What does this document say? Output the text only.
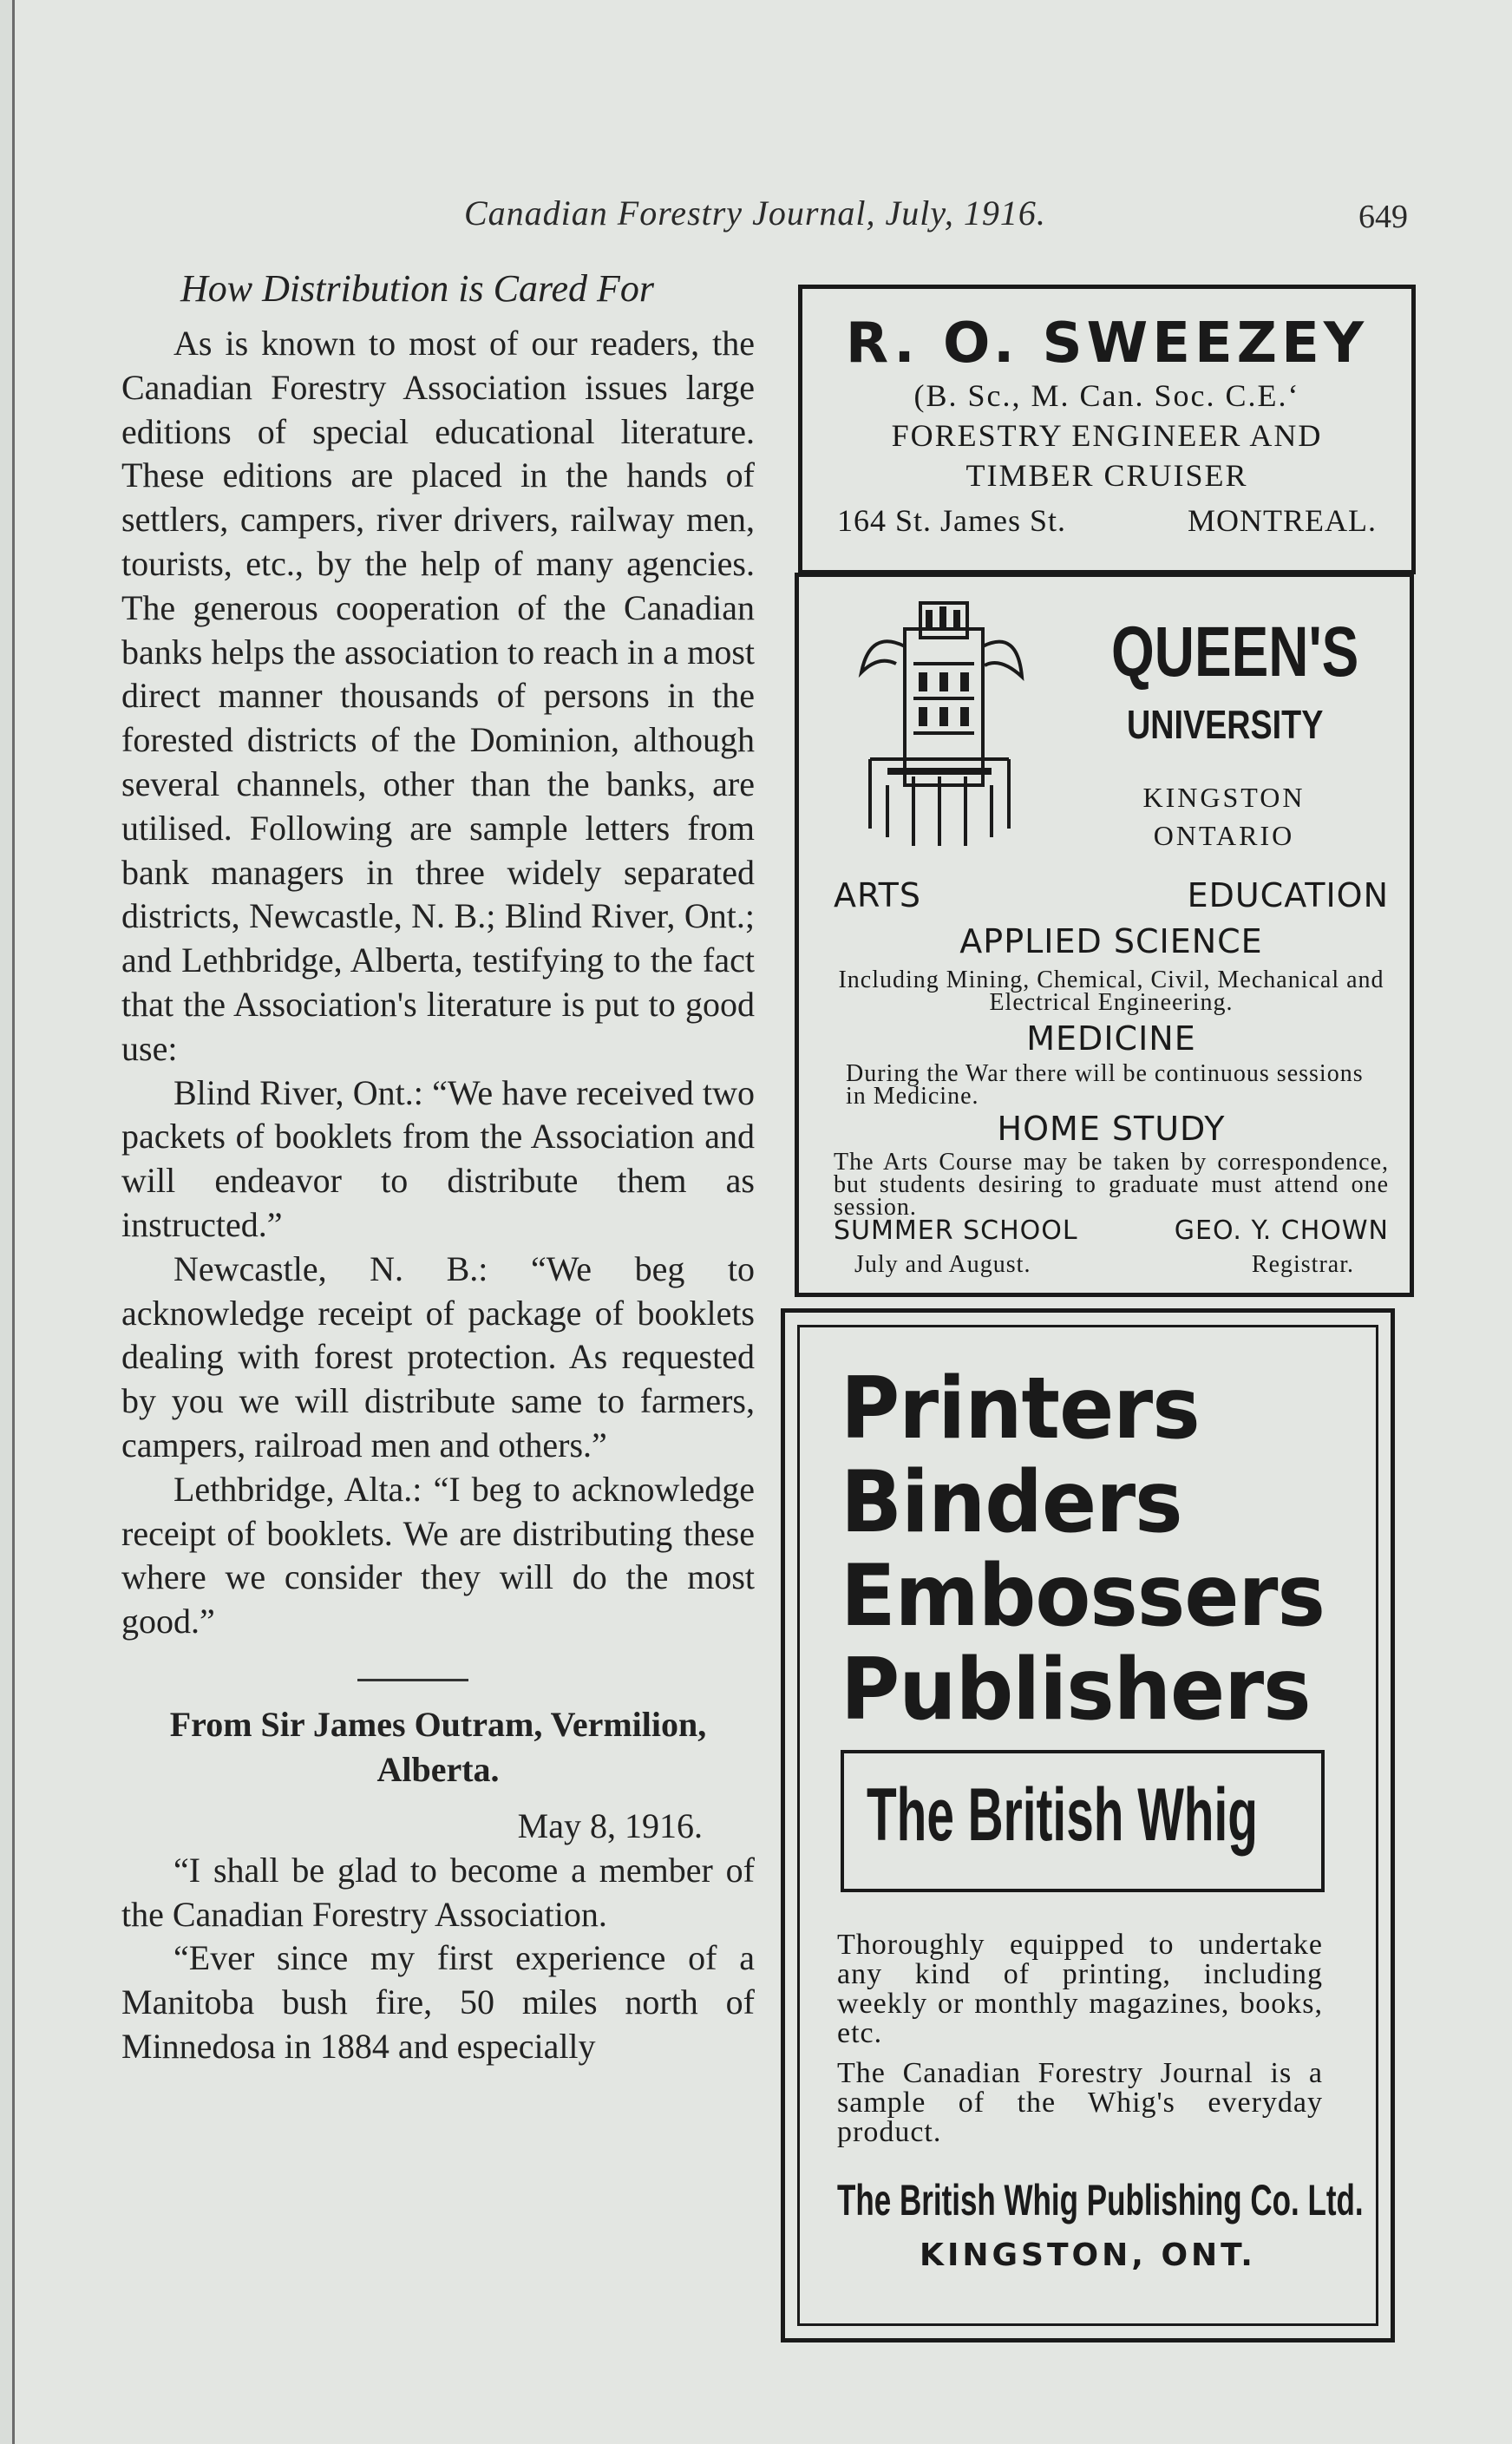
Canadian Forestry Journal, July, 1916.	649
How Distribution is Cared For

As is known to most of our readers, the Canadian Forestry Association issues large editions of special educational literature. These editions are placed in the hands of settlers, campers, river drivers, railway men, tourists, etc., by the help of many agencies. The generous cooperation of the Canadian banks helps the association to reach in a most direct manner thousands of persons in the forested districts of the Dominion, although several channels, other than the banks, are utilised. Following are sample letters from bank managers in three widely separated districts, Newcastle, N. B.; Blind River, Ont.; and Lethbridge, Alberta, testifying to the fact that the Association's literature is put to good use:

Blind River, Ont.: “We have received two packets of booklets from the Association and will endeavor to distribute them as instructed.”

Newcastle, N. B.: “We beg to acknowledge receipt of package of booklets dealing with forest protection. As requested by you we will distribute same to farmers, campers, railroad men and others.”

Lethbridge, Alta.: “I beg to acknowledge receipt of booklets. We are distributing these where we consider they will do the most good.”

From Sir James Outram, Vermilion, Alberta.

May 8, 1916.

“I shall be glad to become a member of the Canadian Forestry Association.

“Ever since my first experience of a Manitoba bush fire, 50 miles north of Minnedosa in 1884 and especially

R. O. SWEEZEY
(B. Sc., M. Can. Soc. C.E.‘
FORESTRY ENGINEER AND
TIMBER CRUISER
164 St. James St.	MONTREAL.
QUEEN'S
UNIVERSITY
KINGSTON
ONTARIO
ARTS	EDUCATION
APPLIED SCIENCE
Including Mining, Chemical, Civil, Mechanical and Electrical Engineering.
MEDICINE
During the War there will be continuous sessions in Medicine.
HOME STUDY
The Arts Course may be taken by correspondence, but students desiring to graduate must attend one session.
SUMMER SCHOOL	GEO. Y. CHOWN
July and August.	Registrar.
Printers
Binders
Embossers
Publishers
The British Whig
Thoroughly equipped to undertake any kind of printing, including weekly or monthly magazines, books, etc.
The Canadian Forestry Journal is a sample of the Whig's everyday product.
The British Whig Publishing Co. Ltd.
KINGSTON, ONT.
